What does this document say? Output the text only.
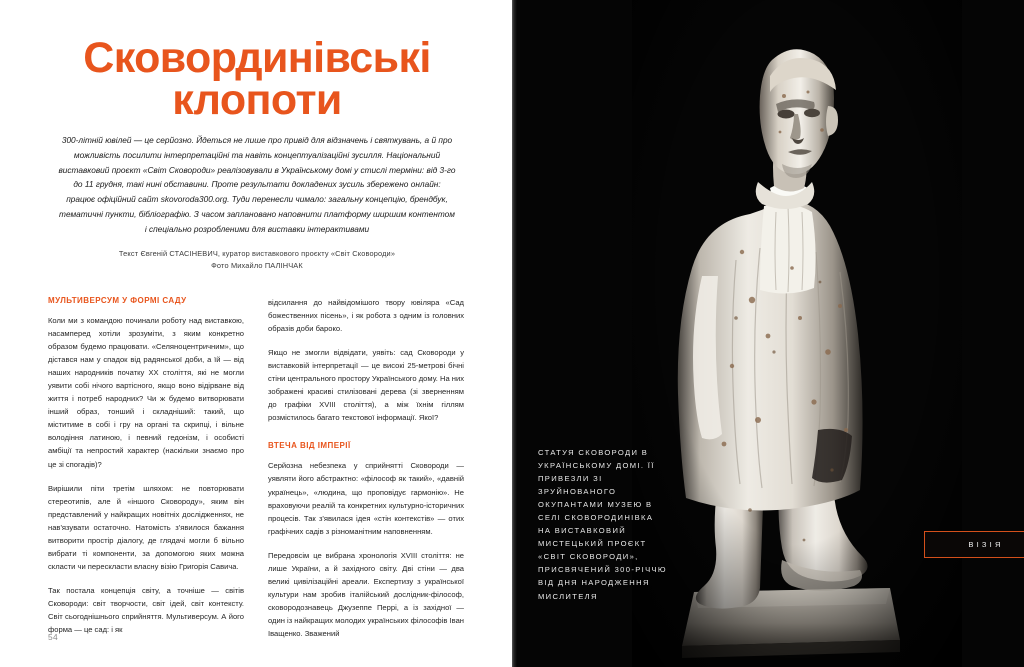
Сковординівські
клопоти
300-літній ювілей — це серйозно. Йдеться не лише про привід для відзначень і святкувань, а й про можливість посилити інтерпретаційні та навіть концептуалізаційні зусилля. Національний виставковий проєкт «Світ Сковороди» реалізовували в Українському домі у стислі терміни: від 3-го до 11 грудня, такі нині обставини. Проте результати докладених зусиль збережено онлайн: працює офіційний сайт skovoroda300.org. Туди перенесли чимало: загальну концепцію, брендбук, тематичні пункти, бібліографію. З часом заплановано наповнити платформу ширшим контентом і спеціально розробленими для виставки інтерактивами
Текст Євгеній СТАСІНЕВИЧ, куратор виставкового проєкту «Світ Сковороди»
Фото Михайло ПАЛІНЧАК
МУЛЬТИВЕРСУМ У ФОРМІ САДУ

Коли ми з командою починали роботу над виставкою, насамперед хотіли зрозуміти, з яким конкретно образом будемо працювати. «Селяноцентричним», що дістався нам у спадок від радянської доби, а їй — від наших народників початку ХХ століття, які не могли уявити собі нічого вартісного, якщо воно відірване від життя і потреб народних? Чи ж будемо витворювати інший образ, тонший і складніший: такий, що міститиме в собі і гру на органі та скрипці, і вільне володіння латиною, і певний гедонізм, і особисті амбіції та непростий характер (наскільки знаємо про це зі спогадів)?

Вирішили піти третім шляхом: не повторювати стереотипів, але й «іншого Сковороду», яким він представлений у найкращих новітніх дослідженнях, не нав'язувати остаточно. Натомість з'явилося бажання витворити простір діалогу, де глядачі могли б вільно вибрати ті компоненти, за допомогою яких можна скласти чи перескласти власну візію Григорія Савича.

Так постала концепція світу, а точніше — світів Сковороди: світ творчости, світ ідей, світ контексту. Світ сьогоднішнього сприйняття. Мультиверсум. А його форма — це сад: і як

відсилання до найвідомішого твору ювіляра «Сад божественних пісень», і як робота з одним із головних образів доби бароко.

Якщо не змогли відвідати, уявіть: сад Сковороди у виставковій інтерпретації — це високі 25-метрові бічні стіни центрального простору Українського дому. На них зображені красиві стилізовані дерева (зі зверненням до графіки XVIII століття), а між їхнім гіллям розмістилось багато текстової інформації. Якої?

ВТЕЧА ВІД ІМПЕРІЇ

Серйозна небезпека у сприйнятті Сковороди — уявляти його абстрактно: «філософ як такий», «давній українець», «людина, що проповідує гармонію». Не враховуючи реалій та конкретних культурно-історичних процесів. Так з'явилася ідея «стін контекстів» — отих графічних садів з різноманітним наповненням.

Передовсім це вибрана хронологія XVIII століття: не лише України, а й західного світу. Дві стіни — два великі цивілізаційні ареали. Експертизу з української культури нам зробив італійський дослідник-філософ, сковородознавець Джузеппе Перрі, а із західної — один із найкращих молодих українських філософів Іван Іващенко. Зважений

54
СТАТУЯ СКОВОРОДИ В УКРАЇНСЬКОМУ ДОМІ. ЇЇ ПРИВЕЗЛИ ЗІ ЗРУЙНОВАНОГО ОКУПАНТАМИ МУЗЕЮ В СЕЛІ СКОВОРОДИНІВКА НА ВИСТАВКОВИЙ МИСТЕЦЬКИЙ ПРОЄКТ «СВІТ СКОВОРОДИ», ПРИСВЯЧЕНИЙ 300-РІЧЧЮ ВІД ДНЯ НАРОДЖЕННЯ МИСЛИТЕЛЯ
ВІЗІЯ
